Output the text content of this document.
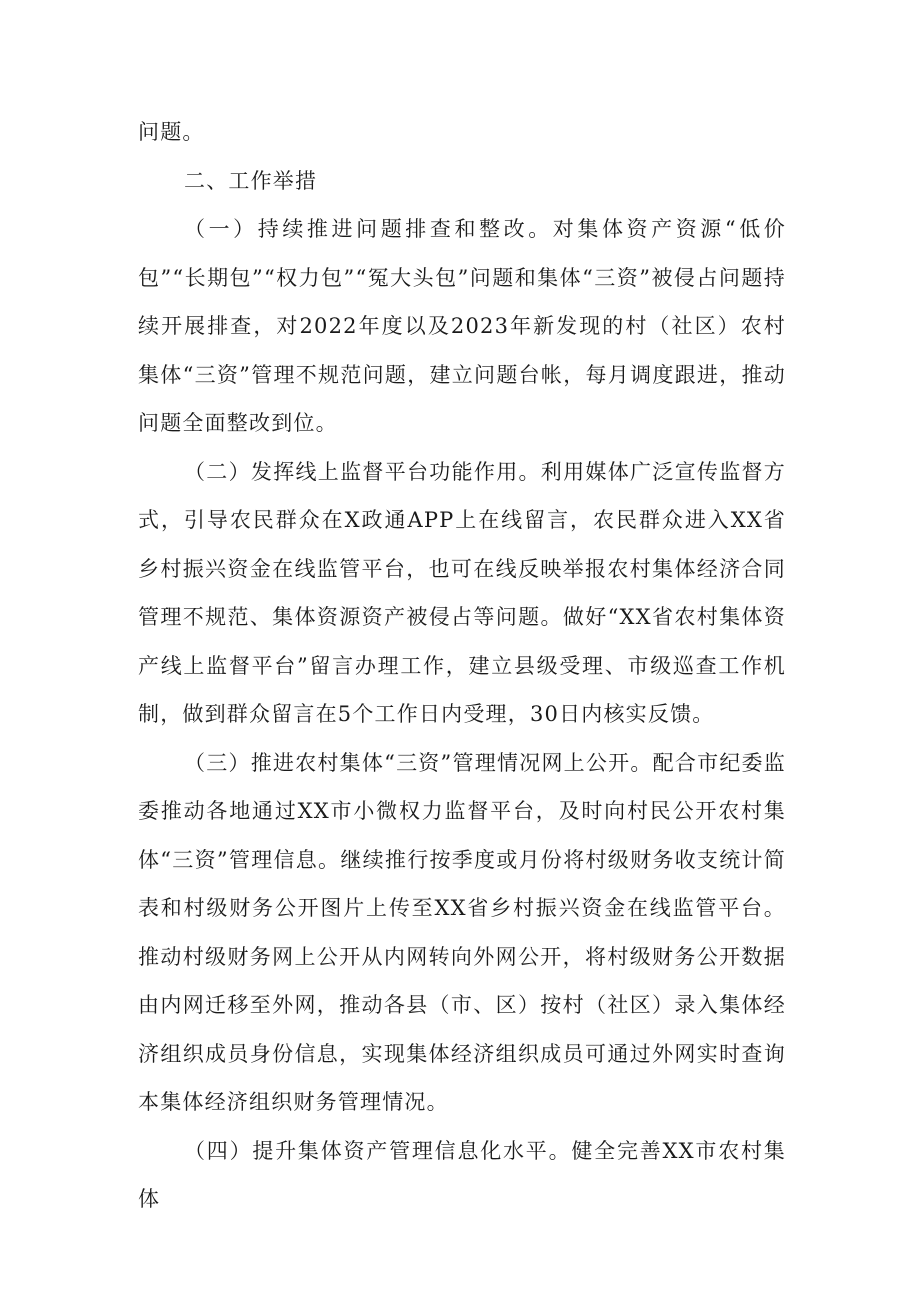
问题。

二、工作举措

（一）持续推进问题排查和整改。对集体资产资源“低价包”“长期包”“权力包”“冤大头包”问题和集体“三资”被侵占问题持续开展排查，对2022年度以及2023年新发现的村（社区）农村集体“三资”管理不规范问题，建立问题台帐，每月调度跟进，推动问题全面整改到位。

（二）发挥线上监督平台功能作用。利用媒体广泛宣传监督方式，引导农民群众在X政通APP上在线留言，农民群众进入XX省乡村振兴资金在线监管平台，也可在线反映举报农村集体经济合同管理不规范、集体资源资产被侵占等问题。做好“XX省农村集体资产线上监督平台”留言办理工作，建立县级受理、市级巡查工作机制，做到群众留言在5个工作日内受理，30日内核实反馈。

（三）推进农村集体“三资”管理情况网上公开。配合市纪委监委推动各地通过XX市小微权力监督平台，及时向村民公开农村集体“三资”管理信息。继续推行按季度或月份将村级财务收支统计简表和村级财务公开图片上传至XX省乡村振兴资金在线监管平台。推动村级财务网上公开从内网转向外网公开，将村级财务公开数据由内网迁移至外网，推动各县（市、区）按村（社区）录入集体经济组织成员身份信息，实现集体经济组织成员可通过外网实时查询本集体经济组织财务管理情况。

（四）提升集体资产管理信息化水平。健全完善XX市农村集体
